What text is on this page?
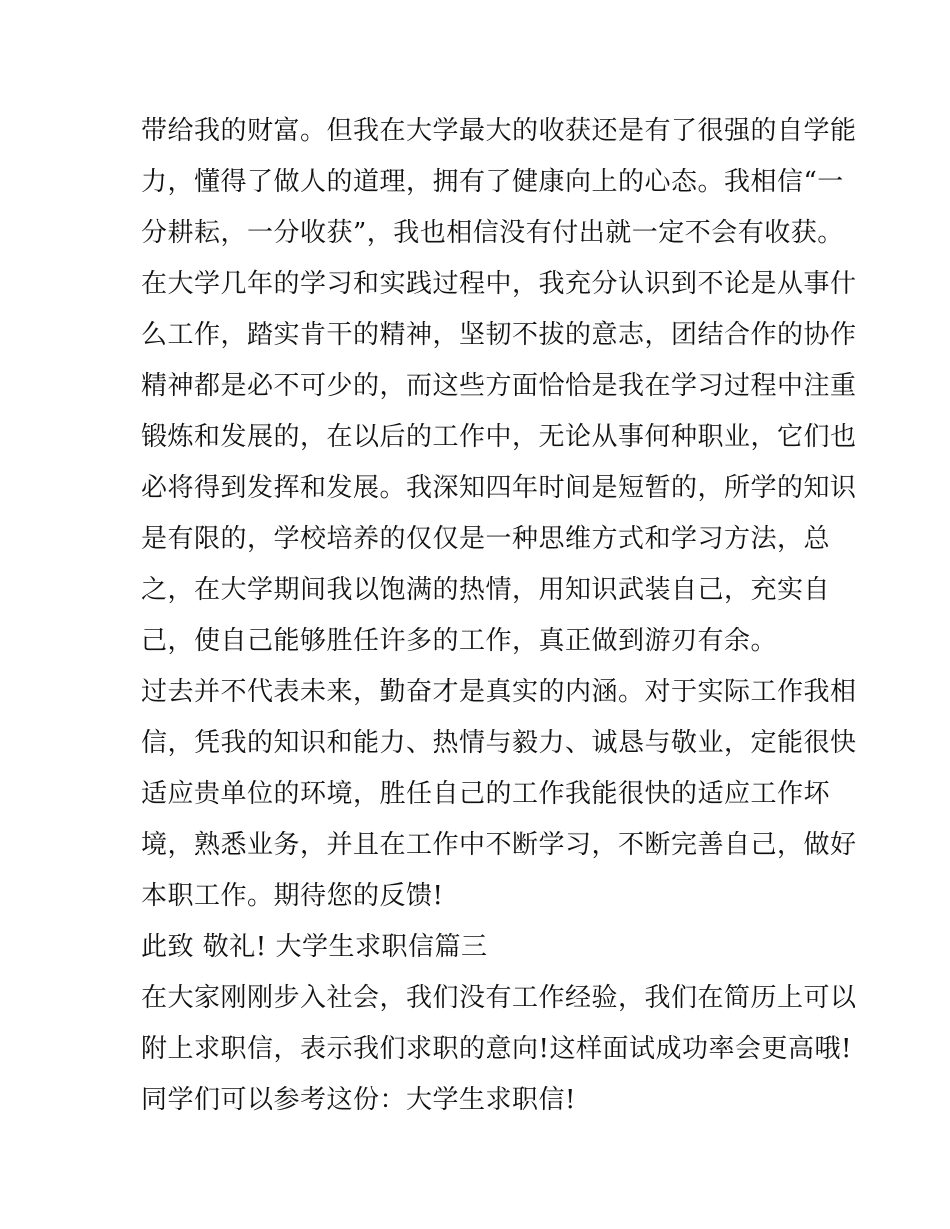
带给我的财富。但我在大学最大的收获还是有了很强的自学能
力，懂得了做人的道理，拥有了健康向上的心态。我相信“一
分耕耘，一分收获”，我也相信没有付出就一定不会有收获。
在大学几年的学习和实践过程中，我充分认识到不论是从事什
么工作，踏实肯干的精神，坚韧不拔的意志，团结合作的协作
精神都是必不可少的，而这些方面恰恰是我在学习过程中注重
锻炼和发展的，在以后的工作中，无论从事何种职业，它们也
必将得到发挥和发展。我深知四年时间是短暂的，所学的知识
是有限的，学校培养的仅仅是一种思维方式和学习方法，总
之，在大学期间我以饱满的热情，用知识武装自己，充实自
己，使自己能够胜任许多的工作，真正做到游刃有余。
过去并不代表未来，勤奋才是真实的内涵。对于实际工作我相
信，凭我的知识和能力、热情与毅力、诚恳与敬业，定能很快
适应贵单位的环境，胜任自己的工作我能很快的适应工作坏
境，熟悉业务，并且在工作中不断学习，不断完善自己，做好
本职工作。期待您的反馈!
此致 敬礼! 大学生求职信篇三
在大家刚刚步入社会，我们没有工作经验，我们在简历上可以
附上求职信，表示我们求职的意向!这样面试成功率会更高哦!
同学们可以参考这份：大学生求职信!
